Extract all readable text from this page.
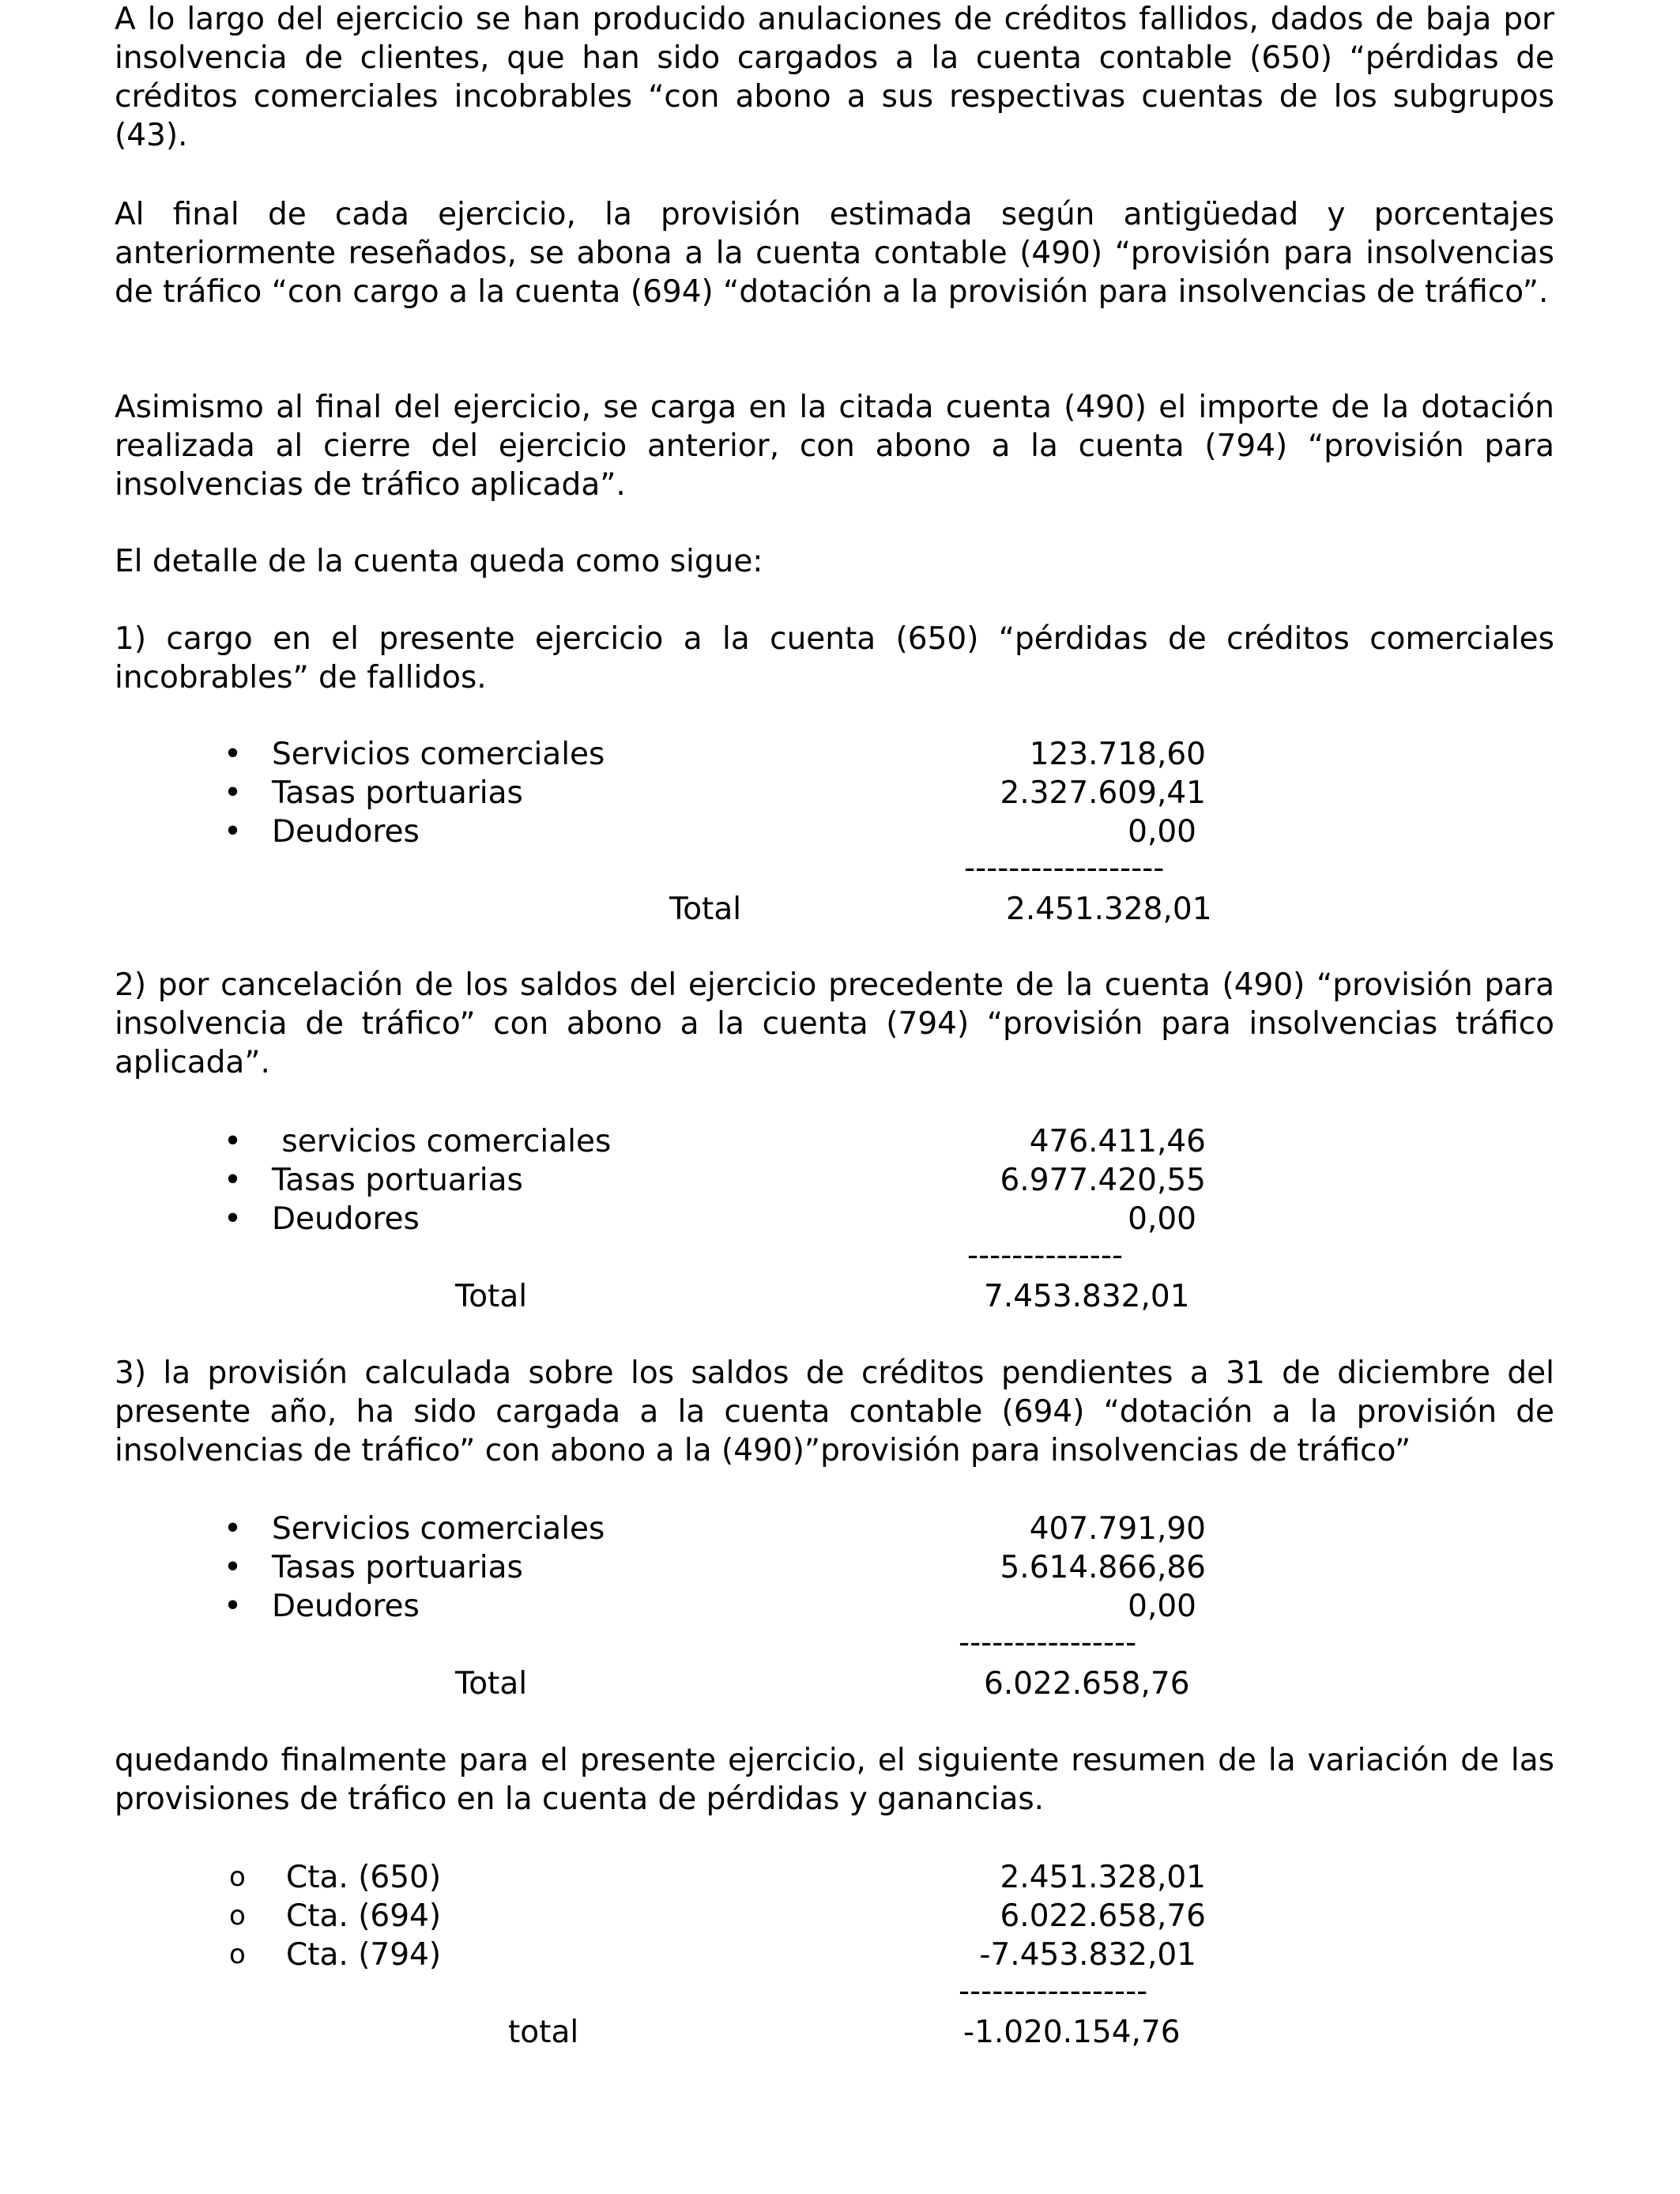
A lo largo del ejercicio se han producido anulaciones de créditos fallidos, dados de baja por insolvencia de clientes, que han sido cargados a la cuenta contable (650) “pérdidas de créditos comerciales incobrables “con abono a sus respectivas cuentas de los subgrupos (43).

Al final de cada ejercicio, la provisión estimada según antigüedad y porcentajes anteriormente reseñados, se abona a la cuenta contable (490) “provisión para insolvencias de tráfico “con cargo a la cuenta (694) “dotación a la provisión para insolvencias de tráfico”.

Asimismo al final del ejercicio, se carga en la citada cuenta (490) el importe de la dotación realizada al cierre del ejercicio anterior, con abono a la cuenta (794) “provisión para insolvencias de tráfico aplicada”.

El detalle de la cuenta queda como sigue:

1) cargo en el presente ejercicio a la cuenta (650) “pérdidas de créditos comerciales incobrables” de fallidos.

• Servicios comerciales	123.718,60
• Tasas portuarias	2.327.609,41
• Deudores	0,00
------------------
Total	2.451.328,01

2) por cancelación de los saldos del ejercicio precedente de la cuenta (490) “provisión para insolvencia de tráfico” con abono a la cuenta (794) “provisión para insolvencias tráfico aplicada”.

• servicios comerciales	476.411,46
• Tasas portuarias	6.977.420,55
• Deudores	0,00
--------------
Total	7.453.832,01

3) la provisión calculada sobre los saldos de créditos pendientes a 31 de diciembre del presente año, ha sido cargada a la cuenta contable (694) “dotación a la provisión de insolvencias de tráfico” con abono a la (490)”provisión para insolvencias de tráfico”

• Servicios comerciales	407.791,90
• Tasas portuarias	5.614.866,86
• Deudores	0,00
----------------
Total	6.022.658,76

quedando finalmente para el presente ejercicio, el siguiente resumen de la variación de las provisiones de tráfico en la cuenta de pérdidas y ganancias.

o Cta. (650)	2.451.328,01
o Cta. (694)	6.022.658,76
o Cta. (794)	-7.453.832,01
-----------------
total	-1.020.154,76
